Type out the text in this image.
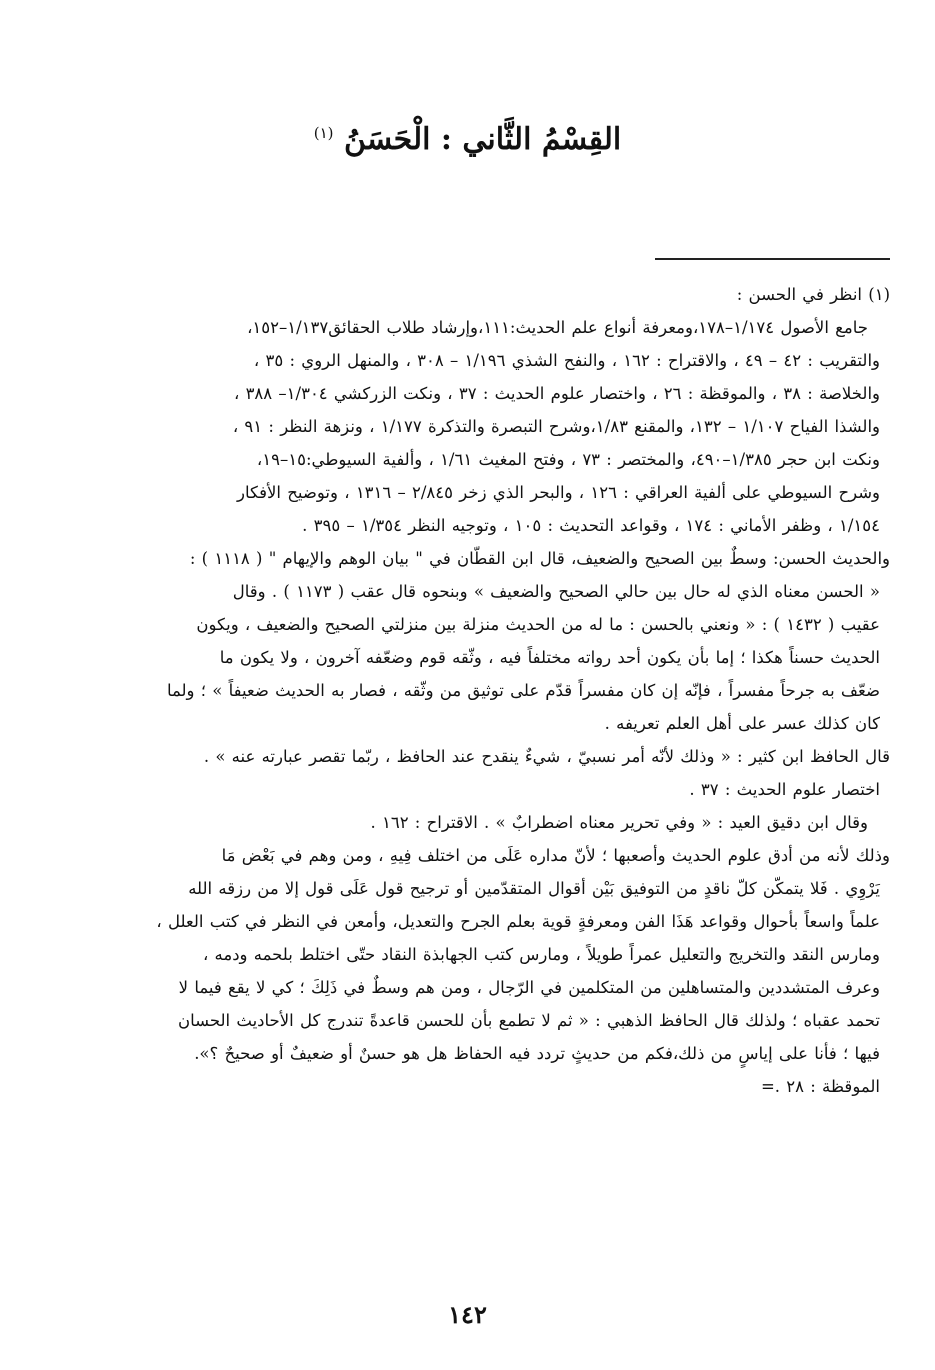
القِسْمُ الثَّاني : الْحَسَنُ $^{(١)}$

(١) انظر في الحسن :

جامع الأصول ١/١٧٤–١٧٨،ومعرفة أنواع علم الحديث:١١١،وإرشاد طلاب الحقائق١/١٣٧–١٥٢،

والتقريب : ٤٢ – ٤٩ ، والاقتراح : ١٦٢ ، والنفح الشذي ١/١٩٦ – ٣٠٨ ، والمنهل الروي : ٣٥ ،

والخلاصة : ٣٨ ، والموقظة : ٢٦ ، واختصار علوم الحديث : ٣٧ ، ونكت الزركشي ١/٣٠٤– ٣٨٨ ،

والشذا الفياح ١/١٠٧ – ١٣٢، والمقنع ١/٨٣،وشرح التبصرة والتذكرة ١/١٧٧ ، ونزهة النظر : ٩١ ،

ونكت ابن حجر ١/٣٨٥–٤٩٠، والمختصر : ٧٣ ، وفتح المغيث ١/٦١ ، وألفية السيوطي:١٥–١٩،

وشرح السيوطي على ألفية العراقي : ١٢٦ ، والبحر الذي زخر ٢/٨٤٥ – ١٣١٦ ، وتوضيح الأفكار

١/١٥٤ ، وظفر الأماني : ١٧٤ ، وقواعد التحديث : ١٠٥ ، وتوجيه النظر ١/٣٥٤ – ٣٩٥ .

والحديث الحسن: وسطٌ بين الصحيح والضعيف، قال ابن القطّان في " بيان الوهم والإيهام " ( ١١١٨ ) :

« الحسن معناه الذي له حال بين حالي الصحيح والضعيف » وبنحوه قال عقب ( ١١٧٣ ) . وقال

عقيب ( ١٤٣٢ ) : « ونعني بالحسن : ما له من الحديث منزلة بين منزلتي الصحيح والضعيف ، ويكون

الحديث حسناً هكذا ؛ إما بأن يكون أحد رواته مختلفاً فيه ، وثّقه قوم وضعّفه آخرون ، ولا يكون ما

ضعّف به جرحاً مفسراً ، فإنّه إن كان مفسراً قدّم على توثيق من وثّقه ، فصار به الحديث ضعيفاً » ؛ ولما

كان كذلك عسر على أهل العلم تعريفه .

قال الحافظ ابن كثير : « وذلك لأنّه أمر نسبيّ ، شيءٌ ينقدح عند الحافظ ، ربّما تقصر عبارته عنه » .

اختصار علوم الحديث : ٣٧ .

وقال ابن دقيق العيد : « وفي تحرير معناه اضطرابٌ » . الاقتراح : ١٦٢ .

وذلك لأنه من أدق علوم الحديث وأصعبها ؛ لأنّ مداره عَلَى من اختلف فِيهِ ، ومن وهم في بَعْض مَا

يَرْوِي . فَلا يتمكّن كلّ ناقدٍ من التوفيق بَيْن أقوال المتقدّمين أو ترجيح قول عَلَى قول إلا من رزقه الله

علماً واسعاً بأحوال وقواعد هَذَا الفن ومعرفةٍ قوية بعلم الجرح والتعديل، وأمعن في النظر في كتب العلل ،

ومارس النقد والتخريج والتعليل عمراً طويلاً ، ومارس كتب الجهابذة النقاد حتّى اختلط بلحمه ودمه ،

وعرف المتشددين والمتساهلين من المتكلمين في الرّجال ، ومن هم وسطٌ في ذَلِكَ ؛ كي لا يقع فيما لا

تحمد عقباه ؛ ولذلك قال الحافظ الذهبي : « ثم لا تطمع بأن للحسن قاعدةً تندرج كل الأحاديث الحسان

فيها ؛ فأنا على إياسٍ من ذلك،فكم من حديثٍ تردد فيه الحفاظ هل هو حسنٌ أو ضعيفٌ أو صحيحٌ ؟».

الموقظة : ٢٨ .=

١٤٢
